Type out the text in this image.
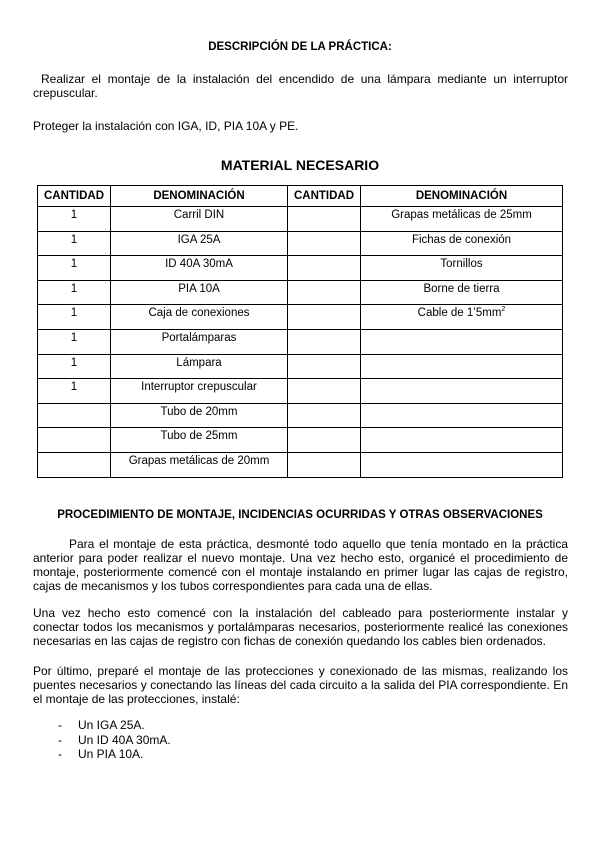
DESCRIPCIÓN DE LA PRÁCTICA:
Realizar el montaje de la instalación del encendido de una lámpara mediante un interruptor crepuscular.
Proteger la instalación con IGA, ID, PIA 10A y PE.
MATERIAL NECESARIO
CANTIDAD	DENOMINACIÓN	CANTIDAD	DENOMINACIÓN
1	Carril DIN		Grapas metálicas de 25mm
1	IGA 25A		Fichas de conexión
1	ID 40A 30mA		Tornillos
1	PIA 10A		Borne de tierra
1	Caja de conexiones		Cable de $1’5mm^2$
1	Portalámparas		
1	Lámpara		
1	Interruptor crepuscular		
	Tubo de 20mm		
	Tubo de 25mm		
	Grapas metálicas de 20mm		
PROCEDIMIENTO DE MONTAJE, INCIDENCIAS OCURRIDAS Y OTRAS OBSERVACIONES
Para el montaje de esta práctica, desmonté todo aquello que tenía montado en la práctica anterior para poder realizar el nuevo montaje. Una vez hecho esto, organicé el procedimiento de montaje, posteriormente comencé con el montaje instalando en primer lugar las cajas de registro, cajas de mecanismos y los tubos correspondientes para cada una de ellas.
Una vez hecho esto comencé con la instalación del cableado para posteriormente instalar y conectar todos los mecanismos y portalámparas necesarios, posteriormente realicé las conexiones necesarias en las cajas de registro con fichas de conexión quedando los cables bien ordenados.
Por último, preparé el montaje de las protecciones y conexionado de las mismas, realizando los puentes necesarios y conectando las líneas del cada circuito a la salida del PIA correspondiente. En el montaje de las protecciones, instalé:
- Un IGA 25A.
- Un ID 40A 30mA.
- Un PIA 10A.
